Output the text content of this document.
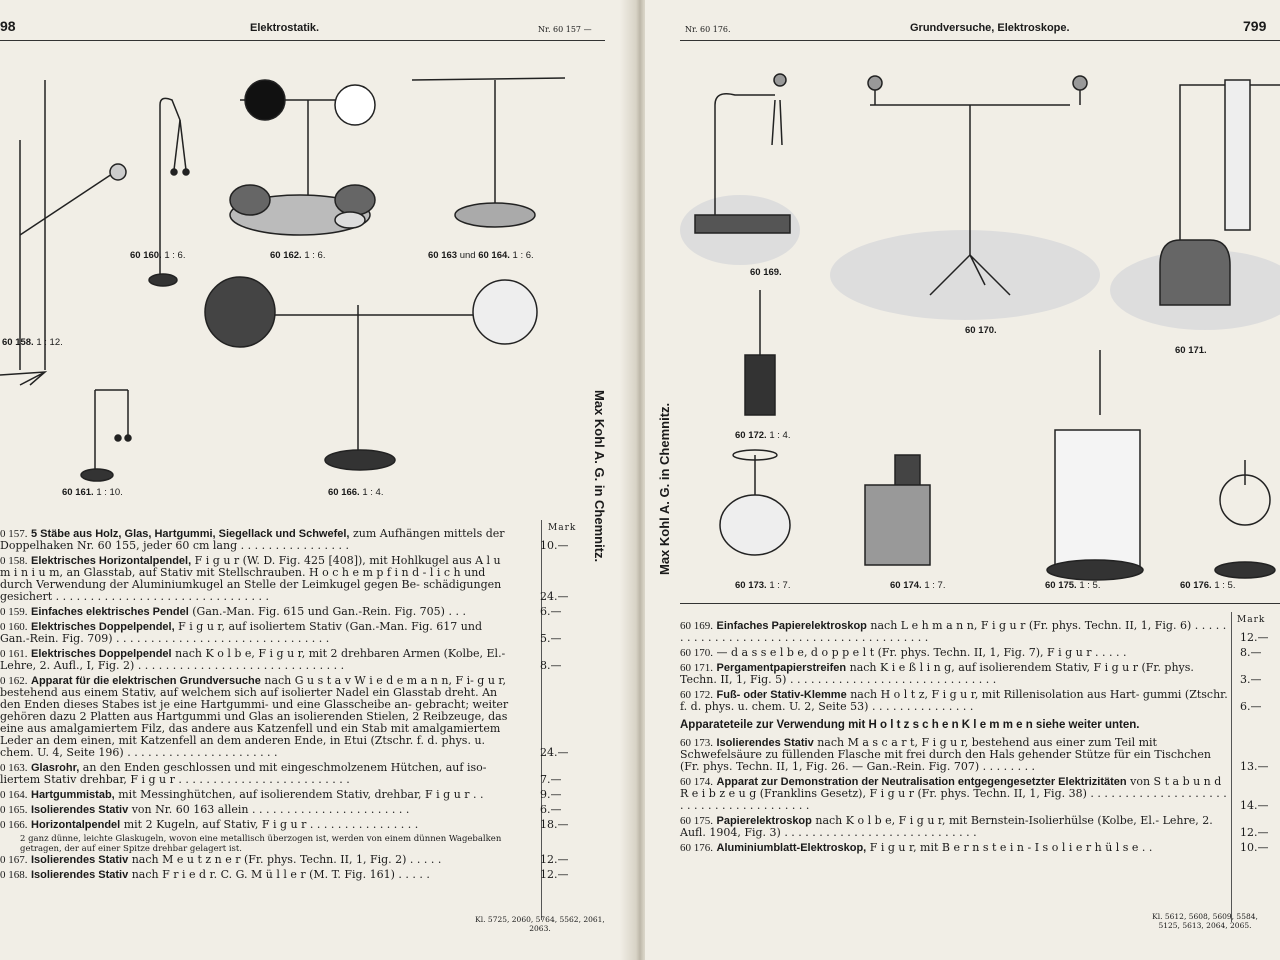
98	Elektrostatik.	Nr. 60 157 —
60 158. 1 : 12.
60 160. 1 : 6.	60 162. 1 : 6.	60 163 und 60 164. 1 : 6.
60 161. 1 : 10.	60 166. 1 : 4.	Max Kohl A. G. in Chemnitz.
Mark
0 157. 5 Stäbe aus Holz, Glas, Hartgummi, Siegellack und Schwefel, zum Aufhängen mittels der Doppelhaken Nr. 60 155, jeder 60 cm lang . . . . . . . . . . . . . . . .	10.—
0 158. Elektrisches Horizontalpendel, F i g u r (W. D. Fig. 425 [408]), mit Hohlkugel aus A l u m i n i u m, an Glasstab, auf Stativ mit Stellschrauben. H o c h e m p f i n d - l i c h und durch Verwendung der Aluminiumkugel an Stelle der Leimkugel gegen Be- schädigungen gesichert . . . . . . . . . . . . . . . . . . . . . . . . . . . . . . .	24.—
0 159. Einfaches elektrisches Pendel (Gan.-Man. Fig. 615 und Gan.-Rein. Fig. 705) . . .	6.—
0 160. Elektrisches Doppelpendel, F i g u r, auf isoliertem Stativ (Gan.-Man. Fig. 617 und Gan.-Rein. Fig. 709) . . . . . . . . . . . . . . . . . . . . . . . . . . . . . . .	5.—
0 161. Elektrisches Doppelpendel nach K o l b e, F i g u r, mit 2 drehbaren Armen (Kolbe, El.-Lehre, 2. Aufl., I, Fig. 2) . . . . . . . . . . . . . . . . . . . . . . . . . . . . . .	8.—
0 162. Apparat für die elektrischen Grundversuche nach G u s t a v W i e d e m a n n, F i- g u r, bestehend aus einem Stativ, auf welchem sich auf isolierter Nadel ein Glasstab dreht. An den Enden dieses Stabes ist je eine Hartgummi- und eine Glasscheibe an- gebracht; weiter gehören dazu 2 Platten aus Hartgummi und Glas an isolierenden Stielen, 2 Reibzeuge, das eine aus amalgamiertem Filz, das andere aus Katzenfell und ein Stab mit amalgamiertem Leder an dem einen, mit Katzenfell an dem anderen Ende, in Etui (Ztschr. f. d. phys. u. chem. U. 4, Seite 196) . . . . . . . . . . . . . . . . . . . . . .	24.—
0 163. Glasrohr, an den Enden geschlossen und mit eingeschmolzenem Hütchen, auf iso- liertem Stativ drehbar, F i g u r . . . . . . . . . . . . . . . . . . . . . . . . .	7.—
0 164. Hartgummistab, mit Messinghütchen, auf isolierendem Stativ, drehbar, F i g u r . .	9.—
0 165. Isolierendes Stativ von Nr. 60 163 allein . . . . . . . . . . . . . . . . . . . . . . .	6.—
0 166. Horizontalpendel mit 2 Kugeln, auf Stativ, F i g u r . . . . . . . . . . . . . . . .	18.—
2 ganz dünne, leichte Glaskugeln, wovon eine metallisch überzogen ist, werden von einem dünnen Wagebalken getragen, der auf einer Spitze drehbar gelagert ist.
0 167. Isolierendes Stativ nach M e u t z n e r (Fr. phys. Techn. II, 1, Fig. 2) . . . . .	12.—
0 168. Isolierendes Stativ nach F r i e d r. C. G. M ü l l e r (M. T. Fig. 161) . . . . .	12.—
Kl. 5725, 2060, 5764, 5562, 2061, 2063.
Nr. 60 176.	Grundversuche, Elektroskope.	799
Max Kohl A. G. in Chemnitz.
60 169.
60 170.
60 171.
60 172. 1 : 4.
60 173. 1 : 7.	60 174. 1 : 7.	60 175. 1 : 5.	60 176. 1 : 5.
Mark
60 169. Einfaches Papierelektroskop nach L e h m a n n, F i g u r (Fr. phys. Techn. II, 1, Fig. 6) . . . . . . . . . . . . . . . . . . . . . . . . . . . . . . . . . . . . . . . . .	12.—
60 170. — d a s s e l b e, d o p p e l t (Fr. phys. Techn. II, 1, Fig. 7), F i g u r . . . . .	8.—
60 171. Pergamentpapierstreifen nach K i e ß l i n g, auf isolierendem Stativ, F i g u r (Fr. phys. Techn. II, 1, Fig. 5) . . . . . . . . . . . . . . . . . . . . . . . . . . . . . .	3.—
60 172. Fuß- oder Stativ-Klemme nach H o l t z, F i g u r, mit Rillenisolation aus Hart- gummi (Ztschr. f. d. phys. u. chem. U. 2, Seite 53) . . . . . . . . . . . . . . .	6.—
Apparateteile zur Verwendung mit H o l t z s c h e n K l e m m e n siehe weiter unten.
60 173. Isolierendes Stativ nach M a s c a r t, F i g u r, bestehend aus einer zum Teil mit Schwefelsäure zu füllenden Flasche mit frei durch den Hals gehender Stütze für ein Tischchen (Fr. phys. Techn. II, 1, Fig. 26. — Gan.-Rein. Fig. 707) . . . . . . . .	13.—
60 174. Apparat zur Demonstration der Neutralisation entgegengesetzter Elektrizitäten von S t a b u n d R e i b z e u g (Franklins Gesetz), F i g u r (Fr. phys. Techn. II, 1, Fig. 38) . . . . . . . . . . . . . . . . . . . . . . . . . . . . . . . . . . . . . . .	14.—
60 175. Papierelektroskop nach K o l b e, F i g u r, mit Bernstein-Isolierhülse (Kolbe, El.- Lehre, 2. Aufl. 1904, Fig. 3) . . . . . . . . . . . . . . . . . . . . . . . . . . . .	12.—
60 176. Aluminiumblatt-Elektroskop, F i g u r, mit B e r n s t e i n - I s o l i e r h ü l s e . .	10.—
Kl. 5612, 5608, 5609, 5584, 5125, 5613, 2064, 2065.
